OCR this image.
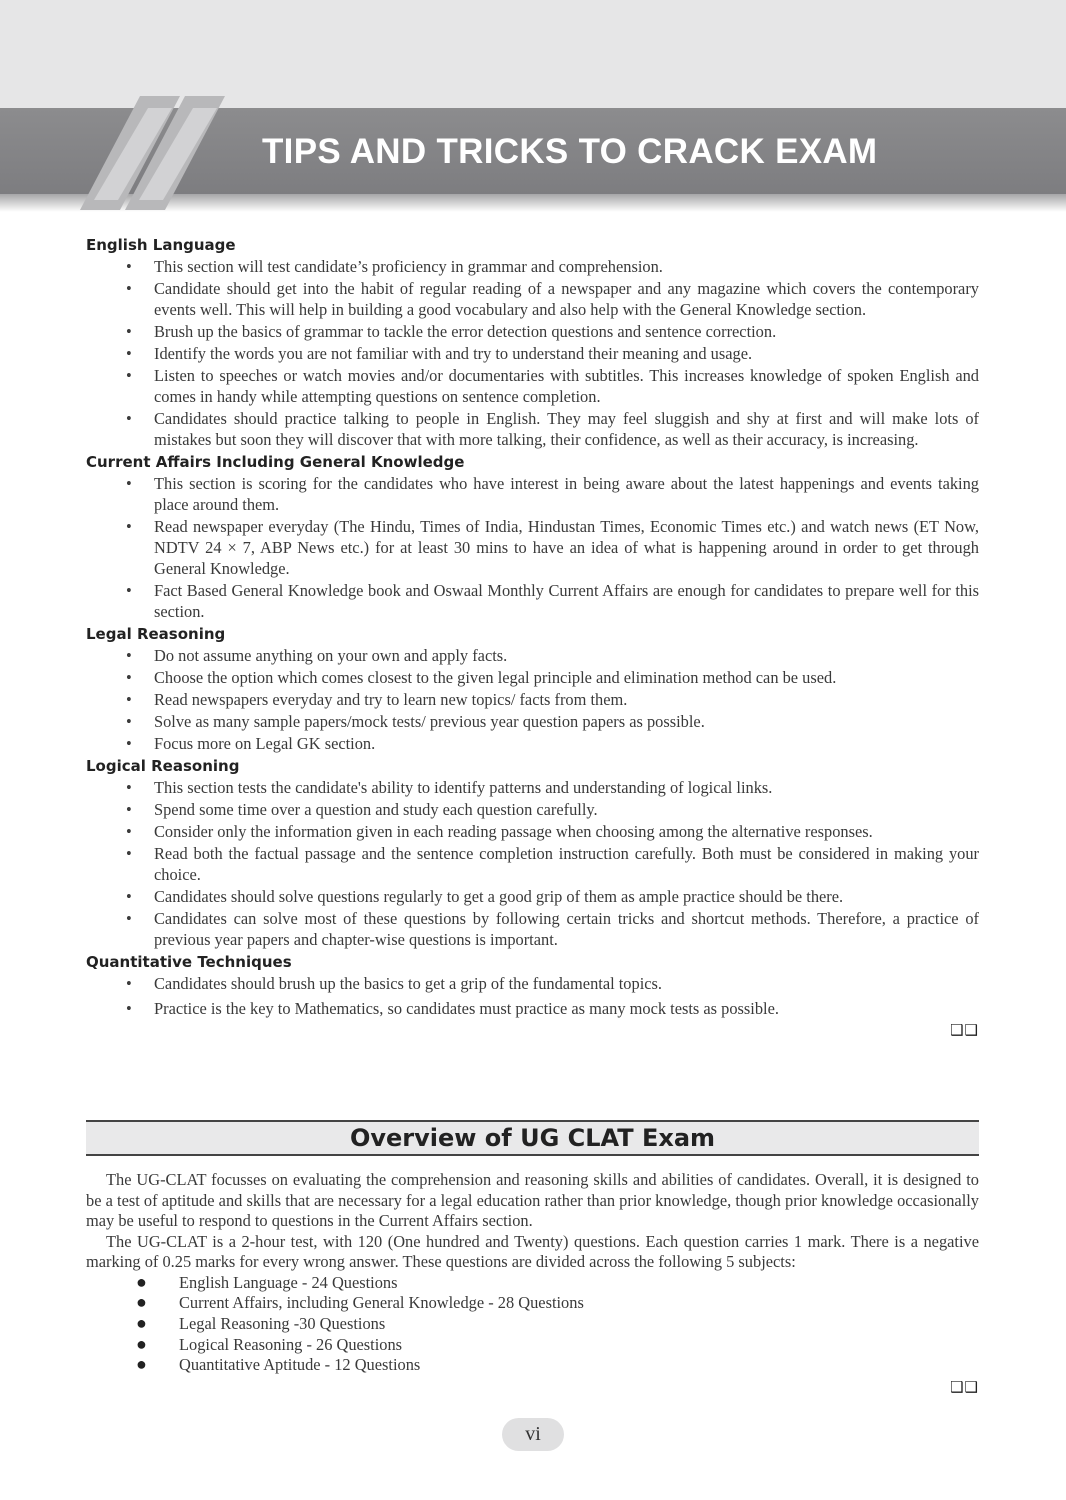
TIPS AND TRICKS TO CRACK EXAM
English Language
• This section will test candidate’s proficiency in grammar and comprehension.
• Candidate should get into the habit of regular reading of a newspaper and any magazine which covers the contemporary events well. This will help in building a good vocabulary and also help with the General Knowledge section.
• Brush up the basics of grammar to tackle the error detection questions and sentence correction.
• Identify the words you are not familiar with and try to understand their meaning and usage.
• Listen to speeches or watch movies and/or documentaries with subtitles. This increases knowledge of spoken English and comes in handy while attempting questions on sentence completion.
• Candidates should practice talking to people in English. They may feel sluggish and shy at first and will make lots of mistakes but soon they will discover that with more talking, their confidence, as well as their accuracy, is increasing.
Current Affairs Including General Knowledge
• This section is scoring for the candidates who have interest in being aware about the latest happenings and events taking place around them.
• Read newspaper everyday (The Hindu, Times of India, Hindustan Times, Economic Times etc.) and watch news (ET Now, NDTV 24 × 7, ABP News etc.) for at least 30 mins to have an idea of what is happening around in order to get through General Knowledge.
• Fact Based General Knowledge book and Oswaal Monthly Current Affairs are enough for candidates to prepare well for this section.
Legal Reasoning
• Do not assume anything on your own and apply facts.
• Choose the option which comes closest to the given legal principle and elimination method can be used.
• Read newspapers everyday and try to learn new topics/ facts from them.
• Solve as many sample papers/mock tests/ previous year question papers as possible.
• Focus more on Legal GK section.
Logical Reasoning
• This section tests the candidate's ability to identify patterns and understanding of logical links.
• Spend some time over a question and study each question carefully.
• Consider only the information given in each reading passage when choosing among the alternative responses.
• Read both the factual passage and the sentence completion instruction carefully. Both must be considered in making your choice.
• Candidates should solve questions regularly to get a good grip of them as ample practice should be there.
• Candidates can solve most of these questions by following certain tricks and shortcut methods. Therefore, a practice of previous year papers and chapter-wise questions is important.
Quantitative Techniques
• Candidates should brush up the basics to get a grip of the fundamental topics.
• Practice is the key to Mathematics, so candidates must practice as many mock tests as possible.
❑❑
Overview of UG CLAT Exam

The UG-CLAT focusses on evaluating the comprehension and reasoning skills and abilities of candidates. Overall, it is designed to be a test of aptitude and skills that are necessary for a legal education rather than prior knowledge, though prior knowledge occasionally may be useful to respond to questions in the Current Affairs section.

The UG-CLAT is a 2-hour test, with 120 (One hundred and Twenty) questions. Each question carries 1 mark. There is a negative marking of 0.25 marks for every wrong answer. These questions are divided across the following 5 subjects:

● English Language - 24 Questions
● Current Affairs, including General Knowledge - 28 Questions
● Legal Reasoning -30 Questions
● Logical Reasoning - 26 Questions
● Quantitative Aptitude - 12 Questions
❑❑
vi
